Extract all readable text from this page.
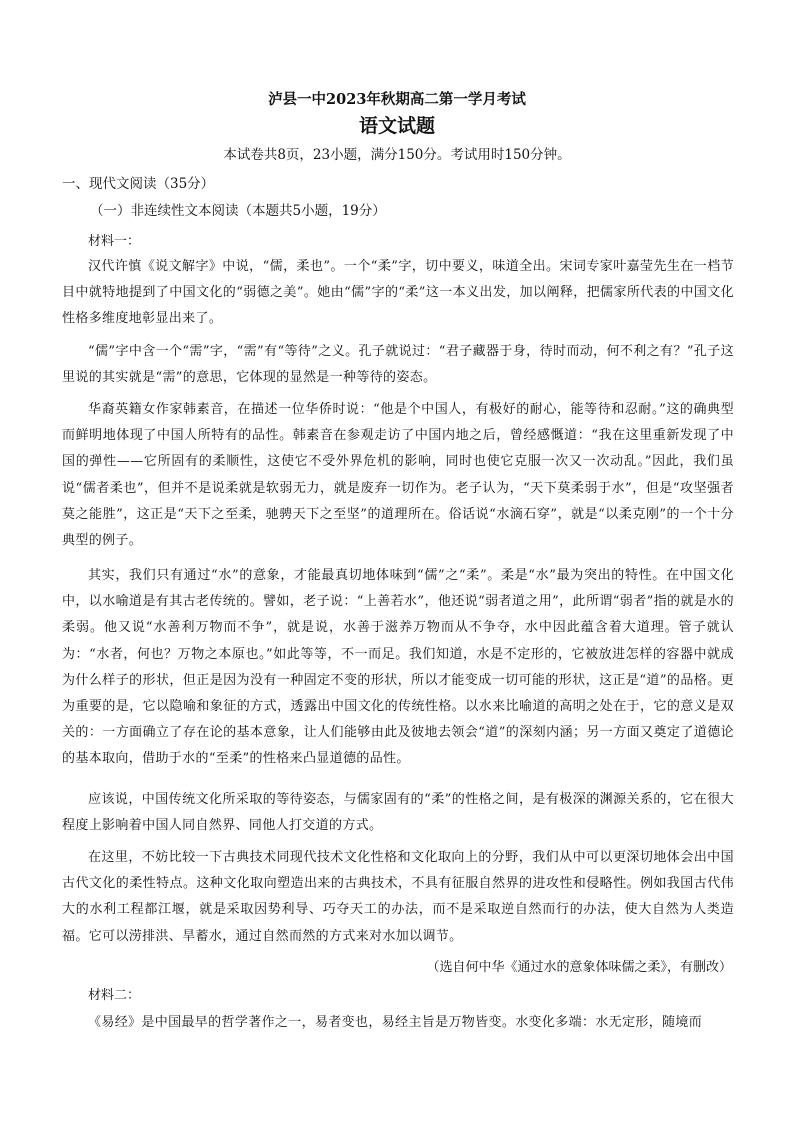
泸县一中2023年秋期高二第一学月考试
语文试题
本试卷共8页，23小题，满分150分。考试用时150分钟。
一、现代文阅读（35分）
（一）非连续性文本阅读（本题共5小题，19分）
材料一：
汉代许慎《说文解字》中说，“儒，柔也”。一个“柔”字，切中要义，味道全出。宋词专家叶嘉莹先生在一档节目中就特地提到了中国文化的“弱德之美”。她由“儒”字的“柔”这一本义出发，加以阐释，把儒家所代表的中国文化性格多维度地彰显出来了。
“儒”字中含一个“需”字，“需”有“等待”之义。孔子就说过：“君子藏器于身，待时而动，何不利之有？”孔子这里说的其实就是“需”的意思，它体现的显然是一种等待的姿态。
华裔英籍女作家韩素音，在描述一位华侨时说：“他是个中国人，有极好的耐心，能等待和忍耐。”这的确典型而鲜明地体现了中国人所特有的品性。韩素音在参观走访了中国内地之后，曾经感慨道：“我在这里重新发现了中国的弹性——它所固有的柔顺性，这使它不受外界危机的影响，同时也使它克服一次又一次动乱。”因此，我们虽说“儒者柔也”，但并不是说柔就是软弱无力，就是废弃一切作为。老子认为，“天下莫柔弱于水”，但是“攻坚强者莫之能胜”，这正是“天下之至柔，驰骋天下之至坚”的道理所在。俗话说“水滴石穿”，就是“以柔克刚”的一个十分典型的例子。
其实，我们只有通过“水”的意象，才能最真切地体味到“儒”之“柔”。柔是“水”最为突出的特性。在中国文化中，以水喻道是有其古老传统的。譬如，老子说：“上善若水”，他还说“弱者道之用”，此所谓“弱者”指的就是水的柔弱。他又说“水善利万物而不争”，就是说，水善于滋养万物而从不争夺，水中因此蕴含着大道理。管子就认为：“水者，何也？万物之本原也。”如此等等，不一而足。我们知道，水是不定形的，它被放进怎样的容器中就成为什么样子的形状，但正是因为没有一种固定不变的形状，所以才能变成一切可能的形状，这正是“道”的品格。更为重要的是，它以隐喻和象征的方式，透露出中国文化的传统性格。以水来比喻道的高明之处在于，它的意义是双关的：一方面确立了存在论的基本意象，让人们能够由此及彼地去领会“道”的深刻内涵；另一方面又奠定了道德论的基本取向，借助于水的“至柔”的性格来凸显道德的品性。
应该说，中国传统文化所采取的等待姿态，与儒家固有的“柔”的性格之间，是有极深的渊源关系的，它在很大程度上影响着中国人同自然界、同他人打交道的方式。
在这里，不妨比较一下古典技术同现代技术文化性格和文化取向上的分野，我们从中可以更深切地体会出中国古代文化的柔性特点。这种文化取向塑造出来的古典技术，不具有征服自然界的进攻性和侵略性。例如我国古代伟大的水利工程都江堰，就是采取因势利导、巧夺天工的办法，而不是采取逆自然而行的办法，使大自然为人类造福。它可以涝排洪、旱蓄水，通过自然而然的方式来对水加以调节。
（选自何中华《通过水的意象体味儒之柔》，有删改）
材料二：
《易经》是中国最早的哲学著作之一，易者变也，易经主旨是万物皆变。水变化多端：水无定形，随境而
